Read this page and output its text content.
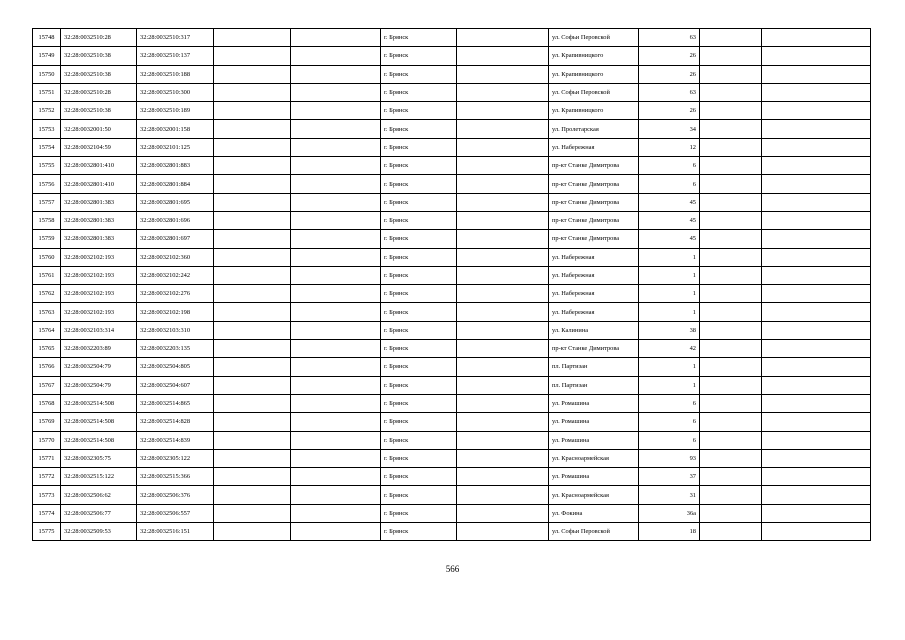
15748	32:28:0032510:28	32:28:0032510:317			г. Брянск		ул. Софьи Перовской	63		
15749	32:28:0032510:38	32:28:0032510:137			г. Брянск		ул. Крапивницкого	26		
15750	32:28:0032510:38	32:28:0032510:188			г. Брянск		ул. Крапивницкого	26		
15751	32:28:0032510:28	32:28:0032510:300			г. Брянск		ул. Софьи Перовской	63		
15752	32:28:0032510:38	32:28:0032510:189			г. Брянск		ул. Крапивницкого	26		
15753	32:28:0032001:50	32:28:0032001:158			г. Брянск		ул. Пролетарская	34		
15754	32:28:0032104:59	32:28:0032101:125			г. Брянск		ул. Набережная	12		
15755	32:28:0032801:410	32:28:0032801:883			г. Брянск		пр-кт Станке Димитрова	6		
15756	32:28:0032801:410	32:28:0032801:884			г. Брянск		пр-кт Станке Димитрова	6		
15757	32:28:0032801:383	32:28:0032801:695			г. Брянск		пр-кт Станке Димитрова	45		
15758	32:28:0032801:383	32:28:0032801:696			г. Брянск		пр-кт Станке Димитрова	45		
15759	32:28:0032801:383	32:28:0032801:697			г. Брянск		пр-кт Станке Димитрова	45		
15760	32:28:0032102:193	32:28:0032102:360			г. Брянск		ул. Набережная	1		
15761	32:28:0032102:193	32:28:0032102:242			г. Брянск		ул. Набережная	1		
15762	32:28:0032102:193	32:28:0032102:276			г. Брянск		ул. Набережная	1		
15763	32:28:0032102:193	32:28:0032102:198			г. Брянск		ул. Набережная	1		
15764	32:28:0032103:314	32:28:0032103:310			г. Брянск		ул. Калинина	38		
15765	32:28:0032203:89	32:28:0032203:135			г. Брянск		пр-кт Станке Димитрова	42		
15766	32:28:0032504:79	32:28:0032504:805			г. Брянск		пл. Партизан	1		
15767	32:28:0032504:79	32:28:0032504:607			г. Брянск		пл. Партизан	1		
15768	32:28:0032514:508	32:28:0032514:865			г. Брянск		ул. Ромашина	6		
15769	32:28:0032514:508	32:28:0032514:828			г. Брянск		ул. Ромашина	6		
15770	32:28:0032514:508	32:28:0032514:839			г. Брянск		ул. Ромашина	6		
15771	32:28:0032305:75	32:28:0032305:122			г. Брянск		ул. Красноармейская	93		
15772	32:28:0032515:122	32:28:0032515:366			г. Брянск		ул. Ромашина	37		
15773	32:28:0032506:62	32:28:0032506:376			г. Брянск		ул. Красноармейская	31		
15774	32:28:0032506:77	32:28:0032506:557			г. Брянск		ул. Фокина	36а		
15775	32:28:0032509:53	32:28:0032516:151			г. Брянск		ул. Софьи Перовской	18		
566
